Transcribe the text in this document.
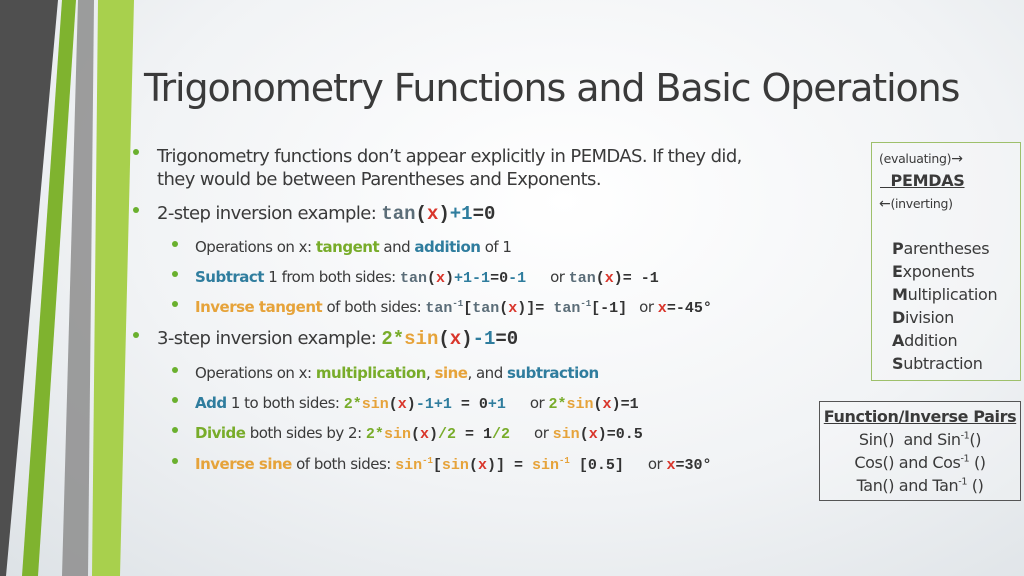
Trigonometry Functions and Basic Operations
Trigonometry functions don’t appear explicitly in PEMDAS. If they did,
they would be between Parentheses and Exponents.
2-step inversion example: tan(x)+1=0
Operations on x: tangent and addition of 1
Subtract 1 from both sides: tan(x)+1-1=0-1 or tan(x)= -1
Inverse tangent of both sides: $\tan^{-1}[\tan(x)]= \tan^{-1}[-1]$ or x=-45°
3-step inversion example: 2*sin(x)-1=0
Operations on x: multiplication, sine, and subtraction
Add 1 to both sides: 2*sin(x)-1+1 = 0+1 or 2*sin(x)=1
Divide both sides by 2: 2*sin(x)/2 = 1/2 or sin(x)=0.5
Inverse sine of both sides: $\sin^{-1}[\sin(x)] = \sin^{-1} [0.5]$ or x=30°
(evaluating)→
PEMDAS
←(inverting)
Parentheses
Exponents
Multiplication
Division
Addition
Subtraction
Function/Inverse Pairs
Sin()  and Sin$^{-1}$()
Cos() and Cos$^{-1}$ ()
Tan() and Tan$^{-1}$ ()
